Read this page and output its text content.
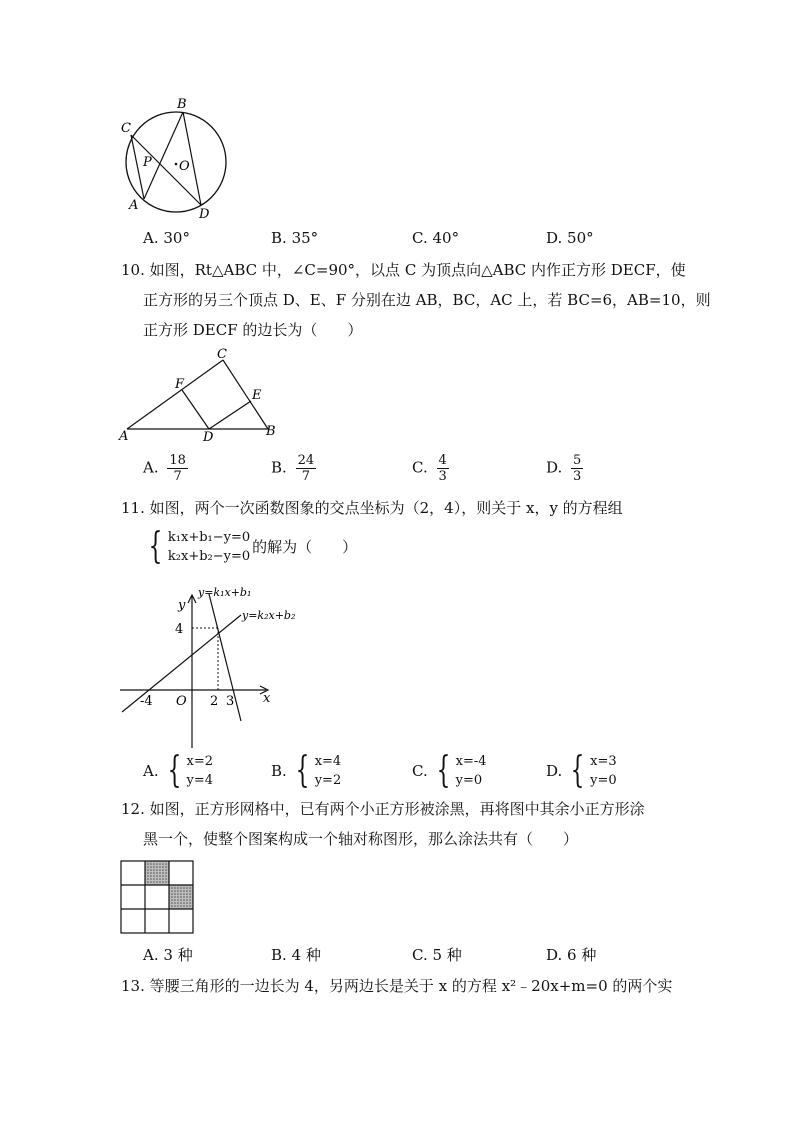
B
C
P O
A
D
A. 30°	B. 35°	C. 40°	D. 50°
10. 如图，Rt△ABC 中，∠C=90°，以点 C 为顶点向△ABC 内作正方形 DECF，使
正方形的另三个顶点 D、E、F 分别在边 AB，BC，AC 上，若 BC=6，AB=10，则
正方形 DECF 的边长为（　　）
C
F
E
A	D	B
A. $\frac{18}{7}$	B. $\frac{24}{7}$	C. $\frac{4}{3}$	D. $\frac{5}{3}$
11. 如图，两个一次函数图象的交点坐标为（2，4），则关于 x，y 的方程组
{ k₁x+b₁−y=0
k₂x+b₂−y=0
的解为（　　）
y
x
O
4
-4	2 3
y=k₁x+b₁
y=k₂x+b₂
A. { x=2
y=4
B. { x=4
y=2
C. { x=-4
y=0
D. { x=3
y=0
12. 如图，正方形网格中，已有两个小正方形被涂黑，再将图中其余小正方形涂
黑一个，使整个图案构成一个轴对称图形，那么涂法共有（　　）
A. 3 种	B. 4 种	C. 5 种	D. 6 种
13. 等腰三角形的一边长为 4，另两边长是关于 x 的方程 x²﹣20x+m=0 的两个实
